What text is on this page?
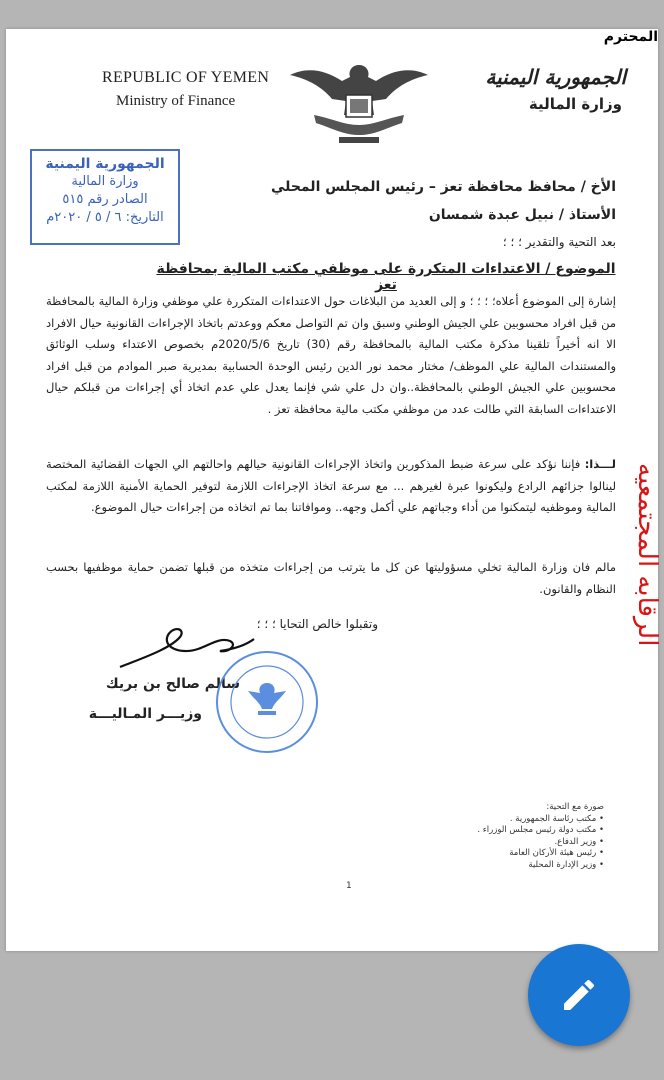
REPUBLIC OF YEMEN
Ministry of Finance
الجمهورية اليمنية
وزارة المالية
الجمهورية اليمنية
وزارة المالية
الصادر رقم ٥١٥
التاريخ: ٦ / ٥ / ٢٠٢٠م
الأخ / محافظ محافظة تعز – رئيس المجلس المحلي
المحترم
الأستاذ / نبيل عبدة شمسان
بعد التحية والتقدير ؛ ؛ ؛
الموضوع / الاعتداءات المتكررة على موظفي مكتب المالية بمحافظة تعز
إشارة إلى الموضوع أعلاه؛ ؛ ؛ ؛ و إلى العديد من البلاغات حول الاعتداءات المتكررة علي موظفي وزارة المالية بالمحافظة من قبل افراد محسوبين علي الجيش الوطني وسبق وان تم التواصل معكم ووعدتم باتخاذ الإجراءات القانونية حيال الافراد الا انه أخيراً تلقينا مذكرة مكتب المالية بالمحافظة رقم (30) تاريخ 2020/5/6م بخصوص الاعتداء وسلب الوثائق والمستندات المالية علي الموظف/ مختار محمد نور الدين رئيس الوحدة الحسابية بمديرية صبر الموادم من قبل افراد محسوبين علي الجيش الوطني بالمحافظة..وان دل علي شي فإنما يعدل علي عدم اتخاذ أي إجراءات من قبلكم حيال الاعتداءات السابقة التي طالت عدد من موظفي مكتب مالية محافظة تعز .
لـــذا: فإننا نؤكد على سرعة ضبط المذكورين واتخاذ الإجراءات القانونية حيالهم واحالتهم الي الجهات القضائية المختصة لينالوا جزائهم الرادع وليكونوا عبرة لغيرهم ... مع سرعة اتخاذ الإجراءات اللازمة لتوفير الحماية الأمنية اللازمة لمكتب المالية وموظفيه ليتمكنوا من أداء وجباتهم علي أكمل وجهه.. وموافاتنا بما تم اتخاذه من إجراءات حيال الموضوع.
مالم فان وزارة المالية تخلي مسؤوليتها عن كل ما يترتب من إجراءات متخذه من قبلها تضمن حماية موظفيها بحسب النظام والقانون.
وتقبلوا خالص التحايا ؛ ؛ ؛
سالم صالح بن بريك
وزيـــر المـاليـــة
الرقابه المجتمعيه
صورة مع التحية:
• مكتب رئاسة الجمهورية .
• مكتب دولة رئيس مجلس الوزراء .
• وزير الدفاع.
• رئيس هيئة الأركان العامة
• وزير الإدارة المحلية
1
